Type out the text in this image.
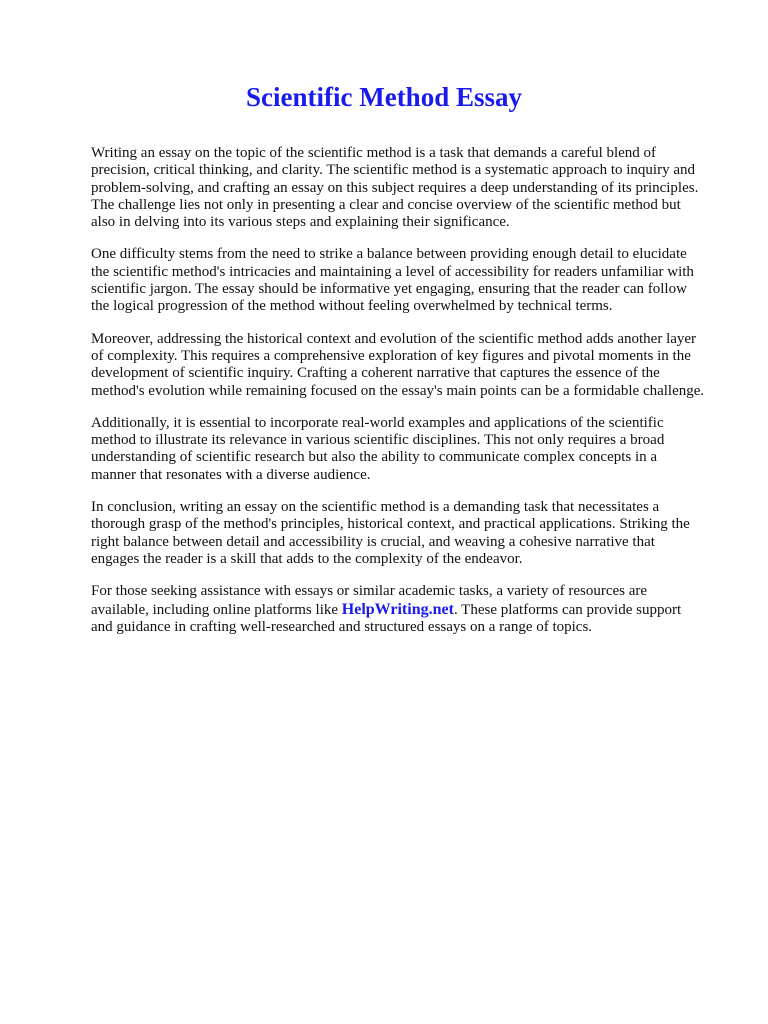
Scientific Method Essay

Writing an essay on the topic of the scientific method is a task that demands a careful blend of
precision, critical thinking, and clarity. The scientific method is a systematic approach to inquiry and
problem-solving, and crafting an essay on this subject requires a deep understanding of its principles.
The challenge lies not only in presenting a clear and concise overview of the scientific method but
also in delving into its various steps and explaining their significance.

One difficulty stems from the need to strike a balance between providing enough detail to elucidate
the scientific method's intricacies and maintaining a level of accessibility for readers unfamiliar with
scientific jargon. The essay should be informative yet engaging, ensuring that the reader can follow
the logical progression of the method without feeling overwhelmed by technical terms.

Moreover, addressing the historical context and evolution of the scientific method adds another layer
of complexity. This requires a comprehensive exploration of key figures and pivotal moments in the
development of scientific inquiry. Crafting a coherent narrative that captures the essence of the
method's evolution while remaining focused on the essay's main points can be a formidable challenge.

Additionally, it is essential to incorporate real-world examples and applications of the scientific
method to illustrate its relevance in various scientific disciplines. This not only requires a broad
understanding of scientific research but also the ability to communicate complex concepts in a
manner that resonates with a diverse audience.

In conclusion, writing an essay on the scientific method is a demanding task that necessitates a
thorough grasp of the method's principles, historical context, and practical applications. Striking the
right balance between detail and accessibility is crucial, and weaving a cohesive narrative that
engages the reader is a skill that adds to the complexity of the endeavor.

For those seeking assistance with essays or similar academic tasks, a variety of resources are
available, including online platforms like HelpWriting.net. These platforms can provide support
and guidance in crafting well-researched and structured essays on a range of topics.
